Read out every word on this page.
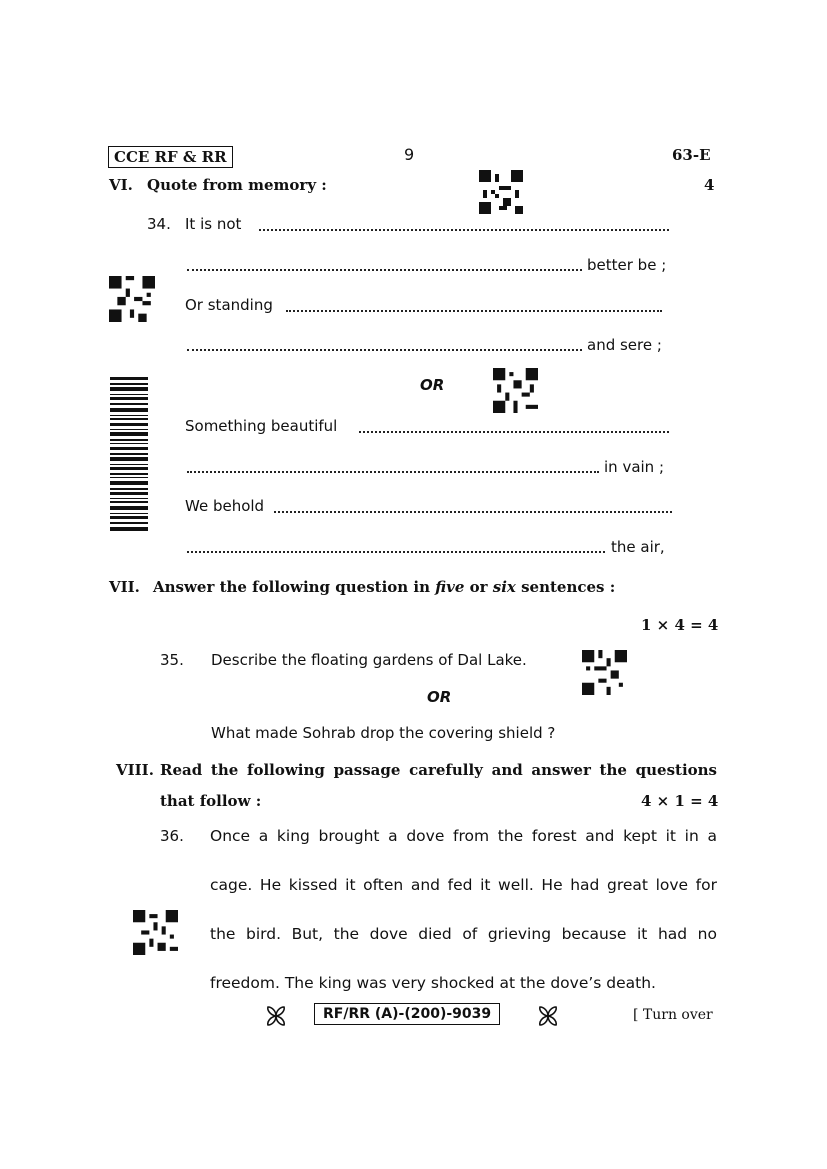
CCE RF & RR	9	63-E
VI. Quote from memory :	4
34. It is not
better be ;
Or standing
and sere ;
OR
Something beautiful
in vain ;
We behold
the air,
VII. Answer the following question in five or six sentences :
1 × 4 = 4
35. Describe the floating gardens of Dal Lake.
OR
What made Sohrab drop the covering shield ?
VIII. Read the following passage carefully and answer the questions
that follow :	4 × 1 = 4
36. Once a king brought a dove from the forest and kept it in a
cage. He kissed it often and fed it well. He had great love for
the bird. But, the dove died of grieving because it had no
freedom. The king was very shocked at the dove’s death.
RF/RR (A)-(200)-9039	[ Turn over
